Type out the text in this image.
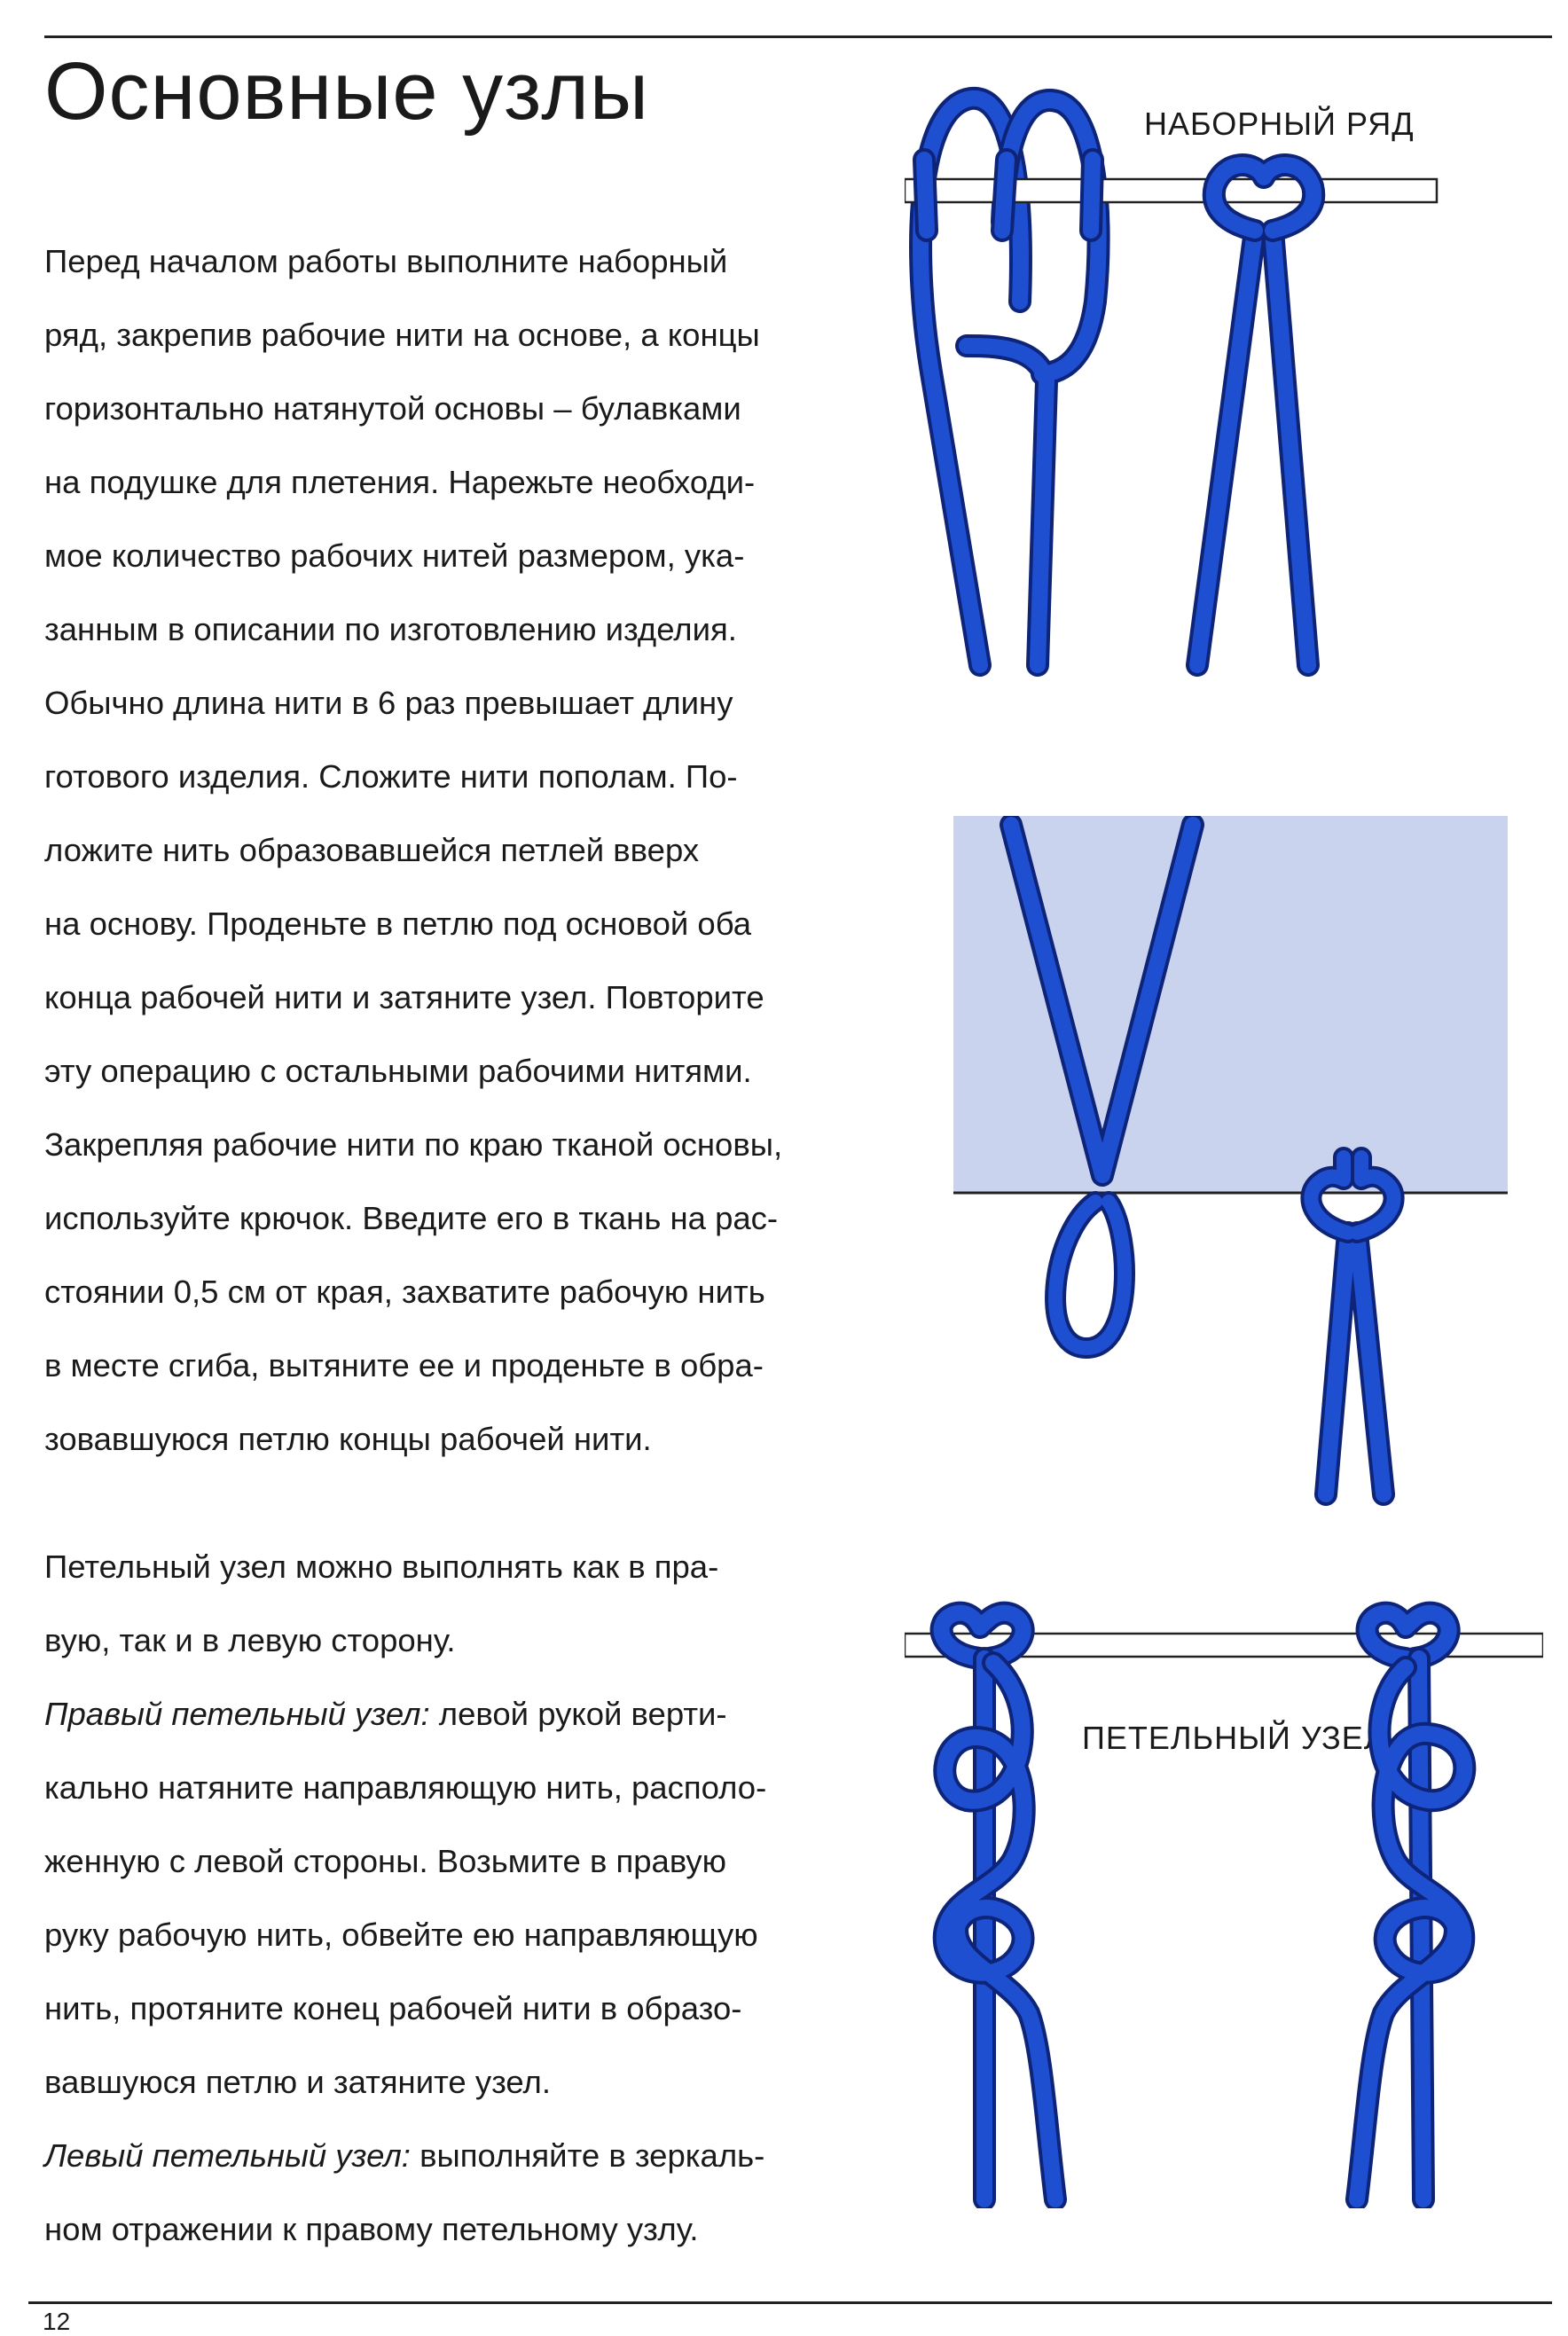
Основные узлы
Перед началом работы выполните наборный
ряд, закрепив рабочие нити на основе, а концы
горизонтально натянутой основы – булавками
на подушке для плетения. Нарежьте необходи-
мое количество рабочих нитей размером, ука-
занным в описании по изготовлению изделия.
Обычно длина нити в 6 раз превышает длину
готового изделия. Сложите нити пополам. По-
ложите нить образовавшейся петлей вверх
на основу. Проденьте в петлю под основой оба
конца рабочей нити и затяните узел. Повторите
эту операцию с остальными рабочими нитями.
Закрепляя рабочие нити по краю тканой основы,
используйте крючок. Введите его в ткань на рас-
стоянии 0,5 см от края, захватите рабочую нить
в месте сгиба, вытяните ее и проденьте в обра-
зовавшуюся петлю концы рабочей нити.
Петельный узел можно выполнять как в пра-
вую, так и в левую сторону.
Правый петельный узел: левой рукой верти-
кально натяните направляющую нить, располо-
женную с левой стороны. Возьмите в правую
руку рабочую нить, обвейте ею направляющую
нить, протяните конец рабочей нити в образо-
вавшуюся петлю и затяните узел.
Левый петельный узел: выполняйте в зеркаль-
ном отражении к правому петельному узлу.
НАБОРНЫЙ РЯД
ПЕТЕЛЬНЫЙ УЗЕЛ
12
